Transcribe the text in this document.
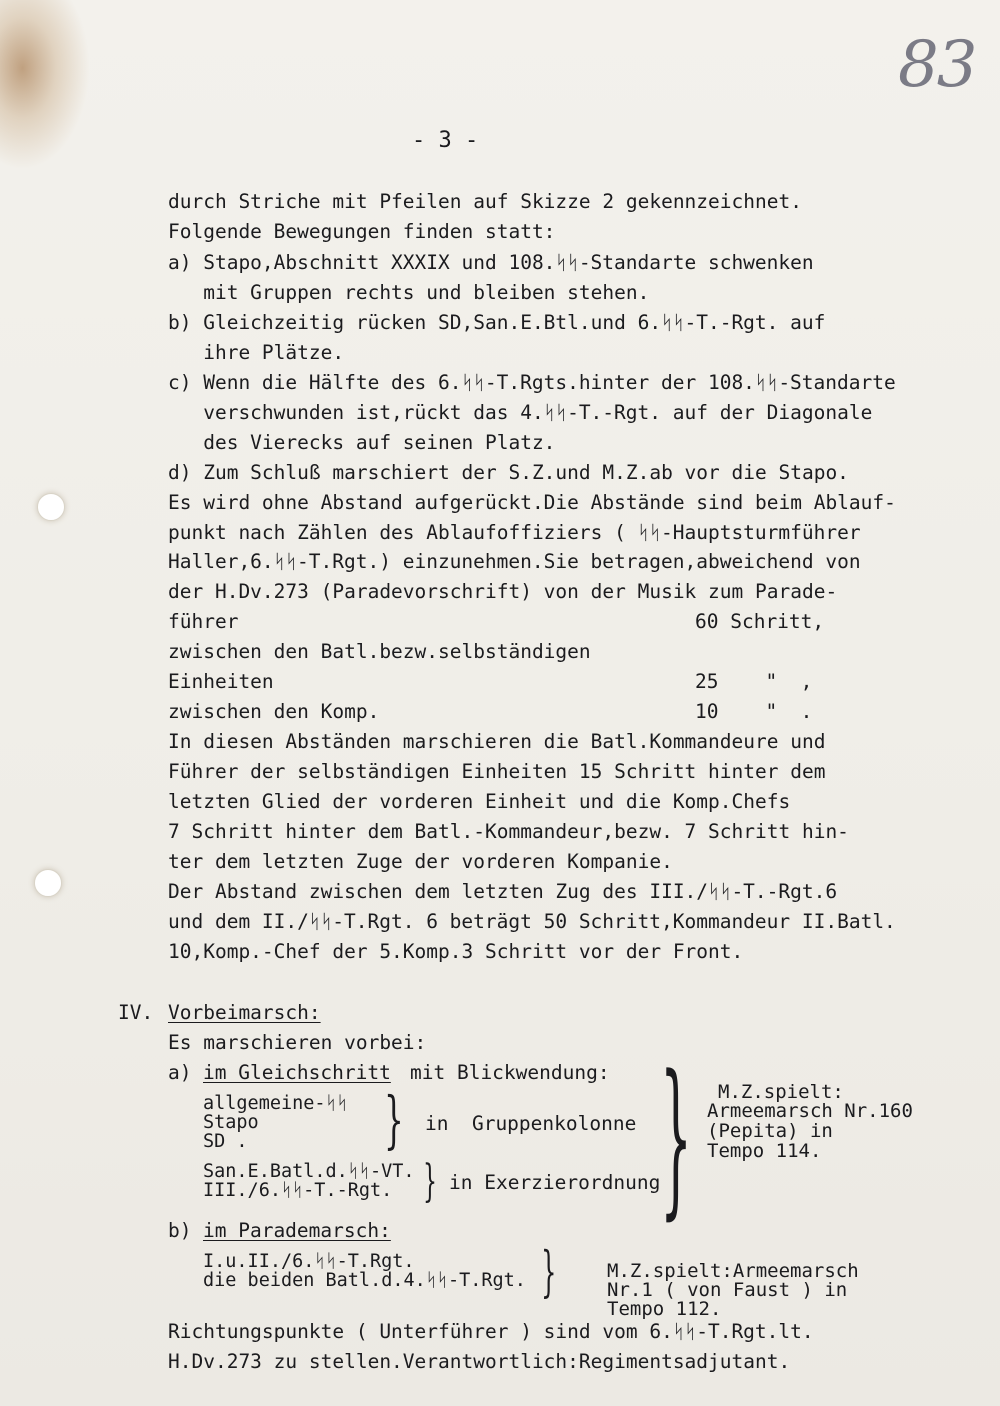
83
- 3 -
durch Striche mit Pfeilen auf Skizze 2 gekennzeichnet.
Folgende Bewegungen finden statt:
a) Stapo,Abschnitt XXXIX und 108.ᛋᛋ-Standarte schwenken
mit Gruppen rechts und bleiben stehen.
b) Gleichzeitig rücken SD,San.E.Btl.und 6.ᛋᛋ-T.-Rgt. auf
ihre Plätze.
c) Wenn die Hälfte des 6.ᛋᛋ-T.Rgts.hinter der 108.ᛋᛋ-Standarte
verschwunden ist,rückt das 4.ᛋᛋ-T.-Rgt. auf der Diagonale
des Vierecks auf seinen Platz.
d) Zum Schluß marschiert der S.Z.und M.Z.ab vor die Stapo.
Es wird ohne Abstand aufgerückt.Die Abstände sind beim Ablauf-
punkt nach Zählen des Ablaufoffiziers ( ᛋᛋ-Hauptsturmführer
Haller,6.ᛋᛋ-T.Rgt.) einzunehmen.Sie betragen,abweichend von
der H.Dv.273 (Paradevorschrift) von der Musik zum Parade-
führer	60 Schritt,
zwischen den Batl.bezw.selbständigen
Einheiten	25    "  ,
zwischen den Komp.	10    "  .
In diesen Abständen marschieren die Batl.Kommandeure und
Führer der selbständigen Einheiten 15 Schritt hinter dem
letzten Glied der vorderen Einheit und die Komp.Chefs
7 Schritt hinter dem Batl.-Kommandeur,bezw. 7 Schritt hin-
ter dem letzten Zuge der vorderen Kompanie.
Der Abstand zwischen dem letzten Zug des III./ᛋᛋ-T.-Rgt.6
und dem II./ᛋᛋ-T.Rgt. 6 beträgt 50 Schritt,Kommandeur II.Batl.
10,Komp.-Chef der 5.Komp.3 Schritt vor der Front.
IV. Vorbeimarsch:
Es marschieren vorbei:
a) im Gleichschritt mit Blickwendung:
allgemeine-ᛋᛋ
Stapo
SD . } in  Gruppenkolonne
San.E.Batl.d.ᛋᛋ-VT.
III./6.ᛋᛋ-T.-Rgt. } in Exerzierordnung } M.Z.spielt:
Armeemarsch Nr.160
(Pepita) in
Tempo 114.
b) im Parademarsch:
I.u.II./6.ᛋᛋ-T.Rgt.
die beiden Batl.d.4.ᛋᛋ-T.Rgt. }	M.Z.spielt:Armeemarsch
Nr.1 ( von Faust ) in
Tempo 112.
Richtungspunkte ( Unterführer ) sind vom 6.ᛋᛋ-T.Rgt.lt.
H.Dv.273 zu stellen.Verantwortlich:Regimentsadjutant.
